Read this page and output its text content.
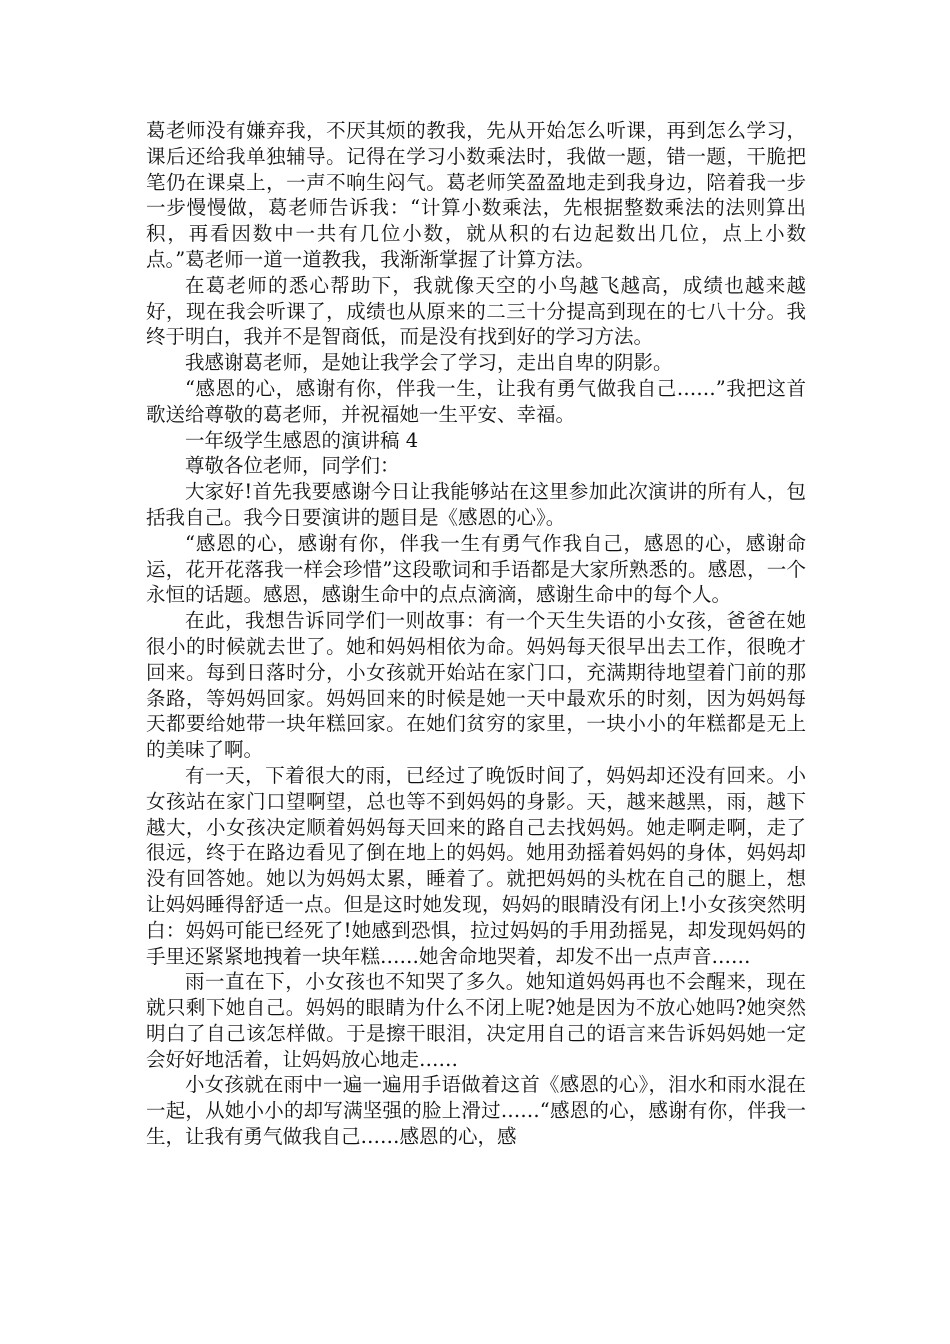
葛老师没有嫌弃我，不厌其烦的教我，先从开始怎么听课，再到怎么学习，课后还给我单独辅导。记得在学习小数乘法时，我做一题，错一题，干脆把笔仍在课桌上，一声不响生闷气。葛老师笑盈盈地走到我身边，陪着我一步一步慢慢做，葛老师告诉我：“计算小数乘法，先根据整数乘法的法则算出积，再看因数中一共有几位小数，就从积的右边起数出几位，点上小数点。”葛老师一道一道教我，我渐渐掌握了计算方法。

在葛老师的悉心帮助下，我就像天空的小鸟越飞越高，成绩也越来越好，现在我会听课了，成绩也从原来的二三十分提高到现在的七八十分。我终于明白，我并不是智商低，而是没有找到好的学习方法。

我感谢葛老师，是她让我学会了学习，走出自卑的阴影。

“感恩的心，感谢有你，伴我一生，让我有勇气做我自己……”我把这首歌送给尊敬的葛老师，并祝福她一生平安、幸福。

一年级学生感恩的演讲稿 4

尊敬各位老师，同学们：

大家好!首先我要感谢今日让我能够站在这里参加此次演讲的所有人，包括我自己。我今日要演讲的题目是《感恩的心》。

“感恩的心，感谢有你，伴我一生有勇气作我自己，感恩的心，感谢命运，花开花落我一样会珍惜”这段歌词和手语都是大家所熟悉的。感恩，一个永恒的话题。感恩，感谢生命中的点点滴滴，感谢生命中的每个人。

在此，我想告诉同学们一则故事：有一个天生失语的小女孩，爸爸在她很小的时候就去世了。她和妈妈相依为命。妈妈每天很早出去工作，很晚才回来。每到日落时分，小女孩就开始站在家门口，充满期待地望着门前的那条路，等妈妈回家。妈妈回来的时候是她一天中最欢乐的时刻，因为妈妈每天都要给她带一块年糕回家。在她们贫穷的家里，一块小小的年糕都是无上的美味了啊。

有一天，下着很大的雨，已经过了晚饭时间了，妈妈却还没有回来。小女孩站在家门口望啊望，总也等不到妈妈的身影。天，越来越黑，雨，越下越大，小女孩决定顺着妈妈每天回来的路自己去找妈妈。她走啊走啊，走了很远，终于在路边看见了倒在地上的妈妈。她用劲摇着妈妈的身体，妈妈却没有回答她。她以为妈妈太累，睡着了。就把妈妈的头枕在自己的腿上，想让妈妈睡得舒适一点。但是这时她发现，妈妈的眼睛没有闭上!小女孩突然明白：妈妈可能已经死了!她感到恐惧，拉过妈妈的手用劲摇晃，却发现妈妈的手里还紧紧地拽着一块年糕……她舍命地哭着，却发不出一点声音……

雨一直在下，小女孩也不知哭了多久。她知道妈妈再也不会醒来，现在就只剩下她自己。妈妈的眼睛为什么不闭上呢?她是因为不放心她吗?她突然明白了自己该怎样做。于是擦干眼泪，决定用自己的语言来告诉妈妈她一定会好好地活着，让妈妈放心地走……

小女孩就在雨中一遍一遍用手语做着这首《感恩的心》，泪水和雨水混在一起，从她小小的却写满坚强的脸上滑过……“感恩的心，感谢有你，伴我一生，让我有勇气做我自己……感恩的心，感
